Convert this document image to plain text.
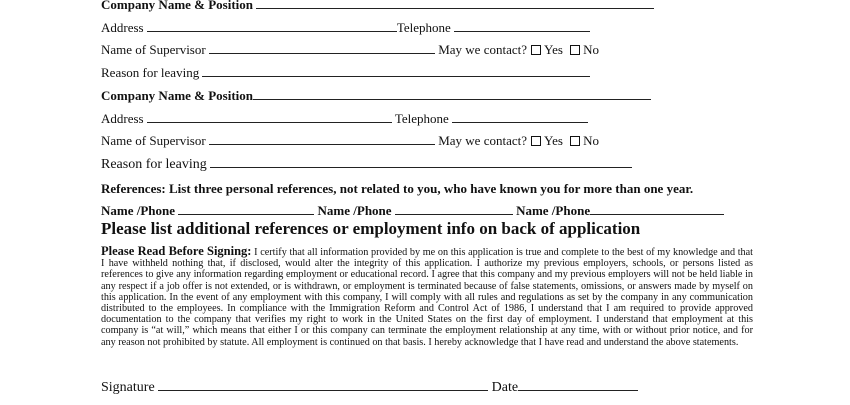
Company Name & Position
Address	Telephone
Name of Supervisor	May we contact? Yes No
Reason for leaving
Company Name & Position
Address	Telephone
Name of Supervisor	May we contact? Yes No
Reason for leaving
References: List three personal references, not related to you, who have known you for more than one year.
Name /Phone	Name /Phone	Name /Phone
Please list additional references or employment info on back of application
Please Read Before Signing: I certify that all information provided by me on this application is true and complete to the best of my knowledge and that I have withheld nothing that, if disclosed, would alter the integrity of this application. I authorize my previous employers, schools, or persons listed as references to give any information regarding employment or educational record. I agree that this company and my previous employers will not be held liable in any respect if a job offer is not extended, or is withdrawn, or employment is terminated because of false statements, omissions, or answers made by myself on this application. In the event of any employment with this company, I will comply with all rules and regulations as set by the company in any communication distributed to the employees. In compliance with the Immigration Reform and Control Act of 1986, I understand that I am required to provide approved documentation to the company that verifies my right to work in the United States on the first day of employment. I understand that employment at this company is “at will,” which means that either I or this company can terminate the employment relationship at any time, with or without prior notice, and for any reason not prohibited by statute. All employment is continued on that basis. I hereby acknowledge that I have read and understand the above statements.
Signature	Date
